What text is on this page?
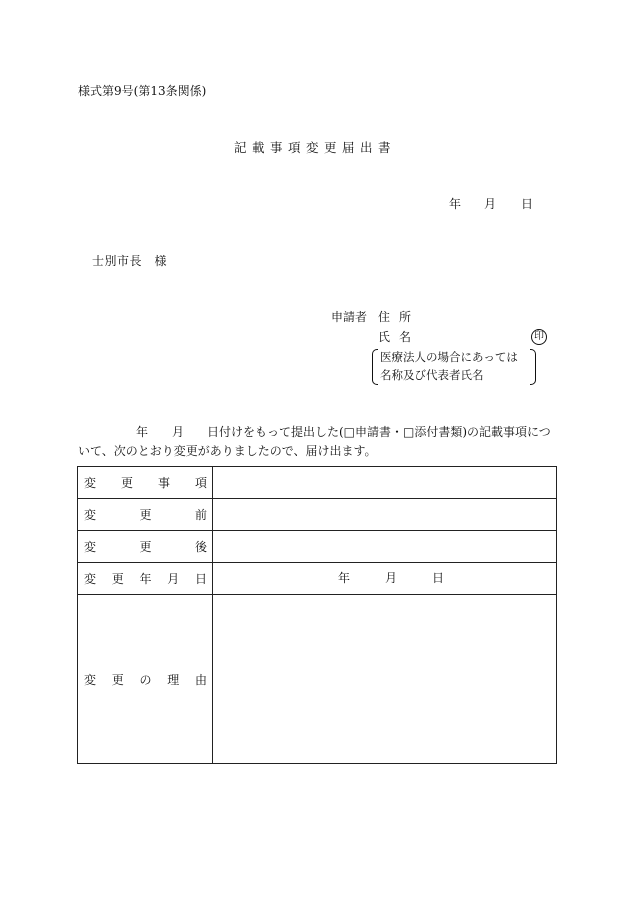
様式第9号(第13条関係)
記載事項変更届出書
年 月 日
士別市長　様
申請者 住所
氏名	印
医療法人の場合にあっては
名称及び代表者氏名
年 月 日付けをもって提出した(□申請書・□添付書類)の記載事項につ
いて、次のとおり変更がありましたので、届け出ます。
変 更 事 項	

変 更 前	

変 更 後	

変 更 年 月 日	年 月 日

変 更 の 理 由	
